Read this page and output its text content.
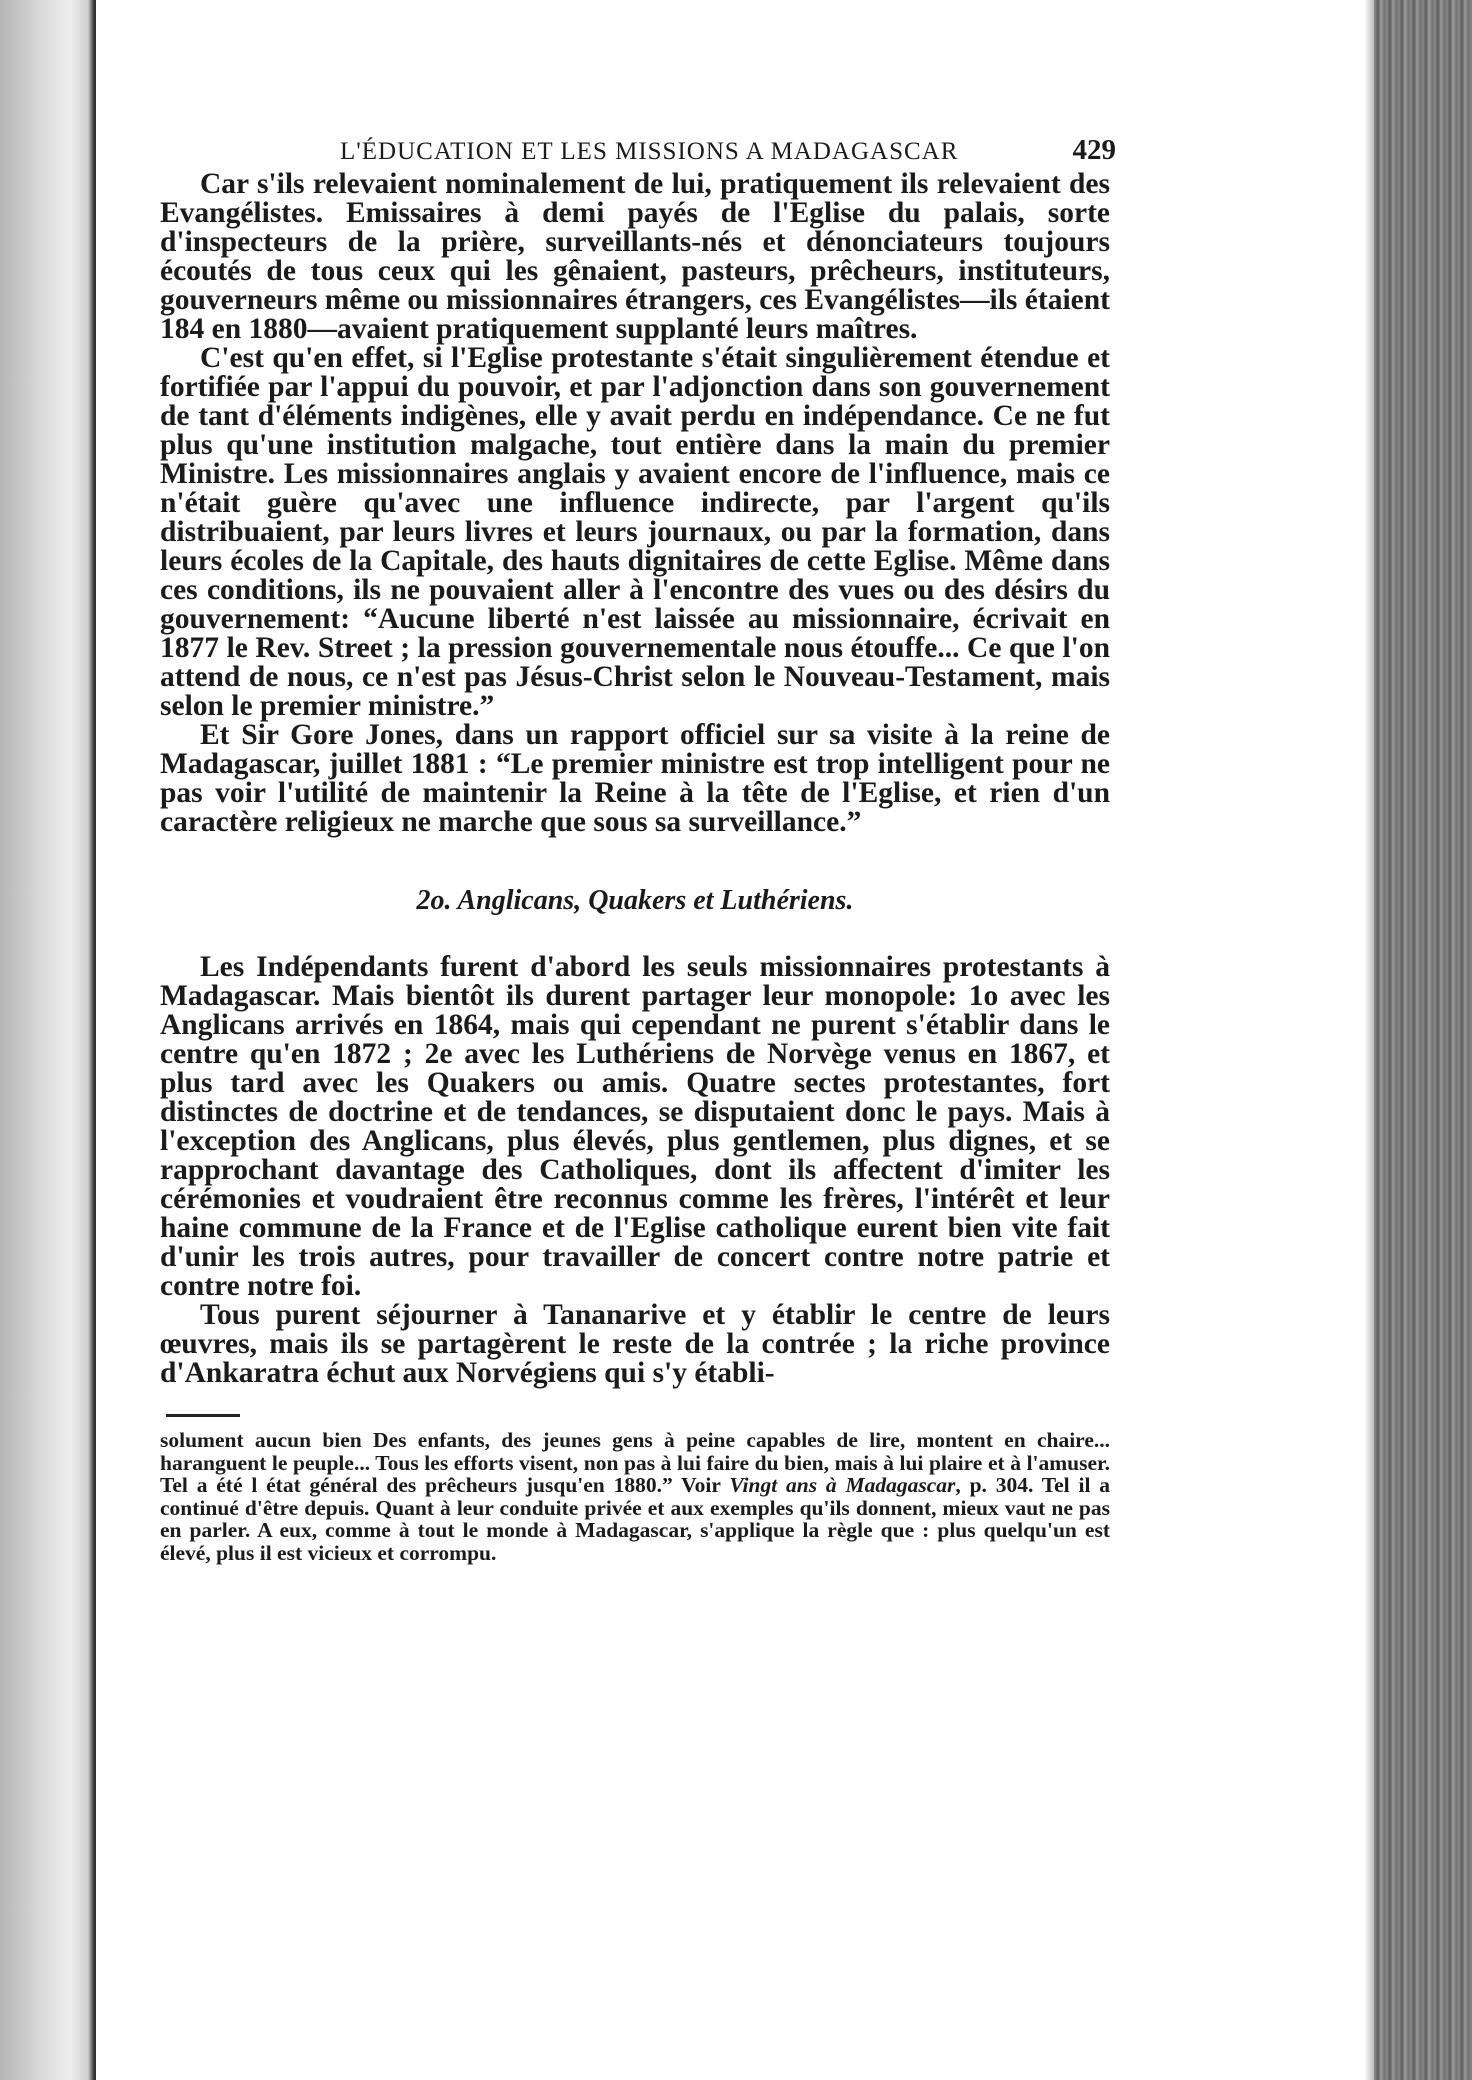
L'ÉDUCATION ET LES MISSIONS A MADAGASCAR	429

Car s'ils relevaient nominalement de lui, pratiquement ils relevaient des Evangélistes. Emissaires à demi payés de l'Eglise du palais, sorte d'inspecteurs de la prière, surveillants-nés et dénonciateurs toujours écoutés de tous ceux qui les gênaient, pasteurs, prêcheurs, instituteurs, gouverneurs même ou missionnaires étrangers, ces Evangélistes—ils étaient 184 en 1880—avaient pratiquement supplanté leurs maîtres.

C'est qu'en effet, si l'Eglise protestante s'était singulièrement étendue et fortifiée par l'appui du pouvoir, et par l'adjonction dans son gouvernement de tant d'éléments indigènes, elle y avait perdu en indépendance. Ce ne fut plus qu'une institution malgache, tout entière dans la main du premier Ministre. Les missionnaires anglais y avaient encore de l'influence, mais ce n'était guère qu'avec une influence indirecte, par l'argent qu'ils distribuaient, par leurs livres et leurs journaux, ou par la formation, dans leurs écoles de la Capitale, des hauts dignitaires de cette Eglise. Même dans ces conditions, ils ne pouvaient aller à l'encontre des vues ou des désirs du gouvernement: “Aucune liberté n'est laissée au missionnaire, écrivait en 1877 le Rev. Street ; la pression gouvernementale nous étouffe... Ce que l'on attend de nous, ce n'est pas Jésus-Christ selon le Nouveau-Testament, mais selon le premier ministre.”

Et Sir Gore Jones, dans un rapport officiel sur sa visite à la reine de Madagascar, juillet 1881 : “Le premier ministre est trop intelligent pour ne pas voir l'utilité de maintenir la Reine à la tête de l'Eglise, et rien d'un caractère religieux ne marche que sous sa surveillance.”

2o. Anglicans, Quakers et Luthériens.

Les Indépendants furent d'abord les seuls missionnaires protestants à Madagascar. Mais bientôt ils durent partager leur monopole: 1o avec les Anglicans arrivés en 1864, mais qui cependant ne purent s'établir dans le centre qu'en 1872 ; 2e avec les Luthériens de Norvège venus en 1867, et plus tard avec les Quakers ou amis. Quatre sectes protestantes, fort distinctes de doctrine et de tendances, se disputaient donc le pays. Mais à l'exception des Anglicans, plus élevés, plus gentlemen, plus dignes, et se rapprochant davantage des Catholiques, dont ils affectent d'imiter les cérémonies et voudraient être reconnus comme les frères, l'intérêt et leur haine commune de la France et de l'Eglise catholique eurent bien vite fait d'unir les trois autres, pour travailler de concert contre notre patrie et contre notre foi.

Tous purent séjourner à Tananarive et y établir le centre de leurs œuvres, mais ils se partagèrent le reste de la contrée ; la riche province d'Ankaratra échut aux Norvégiens qui s'y établi-

solument aucun bien Des enfants, des jeunes gens à peine capables de lire, montent en chaire... haranguent le peuple... Tous les efforts visent, non pas à lui faire du bien, mais à lui plaire et à l'amuser. Tel a été l état général des prêcheurs jusqu'en 1880.” Voir Vingt ans à Madagascar, p. 304. Tel il a continué d'être depuis. Quant à leur conduite privée et aux exemples qu'ils donnent, mieux vaut ne pas en parler. A eux, comme à tout le monde à Madagascar, s'applique la règle que : plus quelqu'un est élevé, plus il est vicieux et corrompu.
